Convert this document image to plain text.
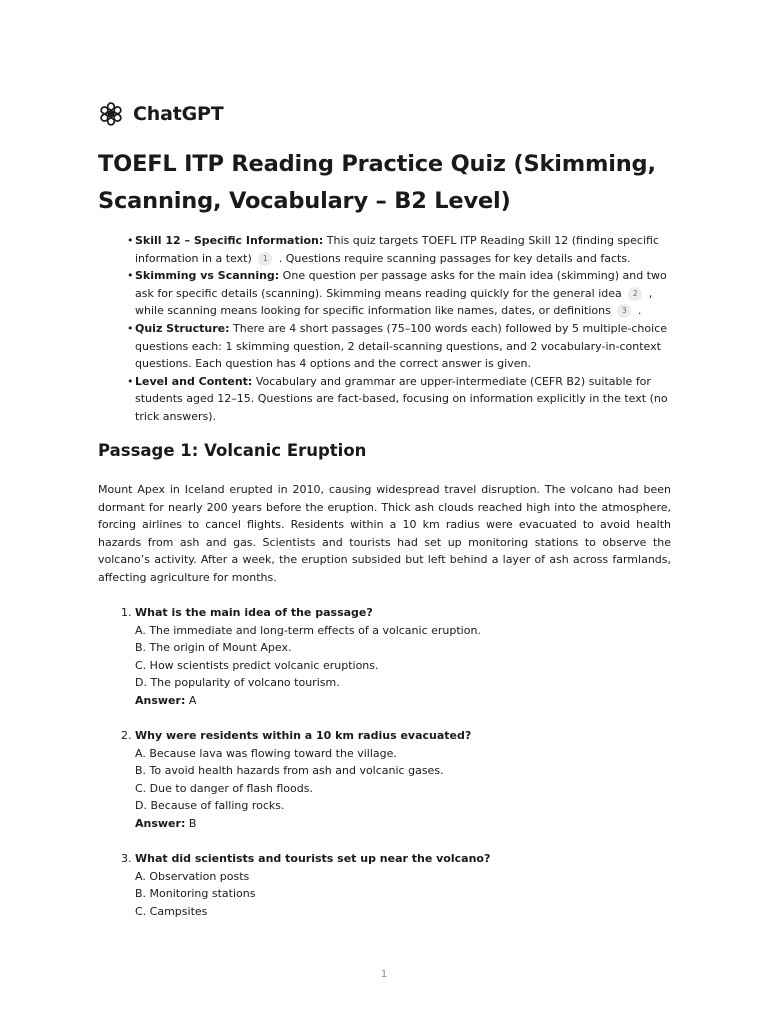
ChatGPT
TOEFL ITP Reading Practice Quiz (Skimming, Scanning, Vocabulary – B2 Level)
• Skill 12 – Specific Information: This quiz targets TOEFL ITP Reading Skill 12 (finding specific information in a text) 1 . Questions require scanning passages for key details and facts.
• Skimming vs Scanning: One question per passage asks for the main idea (skimming) and two ask for specific details (scanning). Skimming means reading quickly for the general idea 2 , while scanning means looking for specific information like names, dates, or definitions 3 .
• Quiz Structure: There are 4 short passages (75–100 words each) followed by 5 multiple-choice questions each: 1 skimming question, 2 detail-scanning questions, and 2 vocabulary-in-context questions. Each question has 4 options and the correct answer is given.
• Level and Content: Vocabulary and grammar are upper-intermediate (CEFR B2) suitable for students aged 12–15. Questions are fact-based, focusing on information explicitly in the text (no trick answers).
Passage 1: Volcanic Eruption

Mount Apex in Iceland erupted in 2010, causing widespread travel disruption. The volcano had been dormant for nearly 200 years before the eruption. Thick ash clouds reached high into the atmosphere, forcing airlines to cancel flights. Residents within a 10 km radius were evacuated to avoid health hazards from ash and gas. Scientists and tourists had set up monitoring stations to observe the volcano’s activity. After a week, the eruption subsided but left behind a layer of ash across farmlands, affecting agriculture for months.

1. What is the main idea of the passage?
A. The immediate and long-term effects of a volcanic eruption.
B. The origin of Mount Apex.
C. How scientists predict volcanic eruptions.
D. The popularity of volcano tourism.
Answer: A
2. Why were residents within a 10 km radius evacuated?
A. Because lava was flowing toward the village.
B. To avoid health hazards from ash and volcanic gases.
C. Due to danger of flash floods.
D. Because of falling rocks.
Answer: B
3. What did scientists and tourists set up near the volcano?
A. Observation posts
B. Monitoring stations
C. Campsites
1
